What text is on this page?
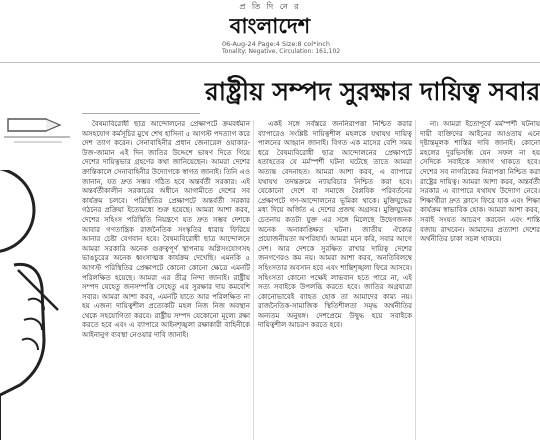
প্র তি দি নে র
বাংলাদেশ
06-Aug-24 Page:4 Size:8 col*inch
Tonality: Negative, Circulation: 161,102
রাষ্ট্রীয় সম্পদ সুরক্ষার দায়িত্ব সবার

বৈষম্যবিরোধী ছাত্র আন্দোলনের প্রেক্ষাপটে ক্রমবর্ধমান অসহযোগ কর্মসূচির মুখে শেখ হাসিনা ৫ আগস্ট পদত্যাগ করে দেশ ত্যাগ করেন। সেনাবাহিনীর প্রধান জেনারেল ওয়াকার-উজ-জামান এই দিন জাতির উদ্দেশে ভাষণ দিতে গিয়ে দেশের দায়িত্বভার গ্রহণের কথা জানিয়েছেন। আমরা দেশের ক্রান্তিকালে সেনাবাহিনীর উদ্যোগকে স্বাগত জানাই। তিনি এও জানান, যত দ্রুত সম্ভব গঠিত হবে অন্তর্বর্তী সরকার। এই অন্তর্বর্তীকালীন সরকারের অধীনে আগামীতে দেশের সব কার্যক্রম চলবে। পরিস্থিতির প্রেক্ষাপটে অন্তর্বর্তী সরকার গঠনের প্রক্রিয়া ইতোমধ্যে শুরু হয়েছে। আমরা আশা করব, দেশের সহিংস পরিস্থিতি নিয়ন্ত্রণে যত দ্রুত সম্ভব দেশকে আবার গণতান্ত্রিক রাজনৈতিক সংস্কৃতির ধারায় ফিরিয়ে আনার চেষ্টা বেগবান হবে। বৈষম্যবিরোধী ছাত্র আন্দোলনে আমরা সরকারি অনেক গুরুত্বপূর্ণ স্থাপনায় অগ্নিসংযোগসহ ভাঙচুরের অনেক ধ্বংসাত্মক কার্যক্রম দেখেছি। এমনকি ৫ আগস্ট পরিস্থিতির প্রেক্ষাপটে কোনো কোনো ক্ষেত্রে এমনটি পরিলক্ষিত হয়েছে। আমরা এর তীব্র নিন্দা জানাই। রাষ্ট্রীয় সম্পদ যেহেতু জনসম্পত্তি সেহেতু এর সুরক্ষার দায় কমবেশি সবার। আমরা আশা করব, এমনটি যাতে আর পরিলক্ষিত না হয় এজন্য দায়িত্বশীল প্রত্যেকটি মহল নিজ নিজ অবস্থান থেকে সহযোগিতা করবে। রাষ্ট্রীয় সম্পদ যেকোনো মূল্যে রক্ষা করতে হবে এবং এ ব্যাপারে আইনশৃঙ্খলা রক্ষাকারী বাহিনীকে আইনানুগ ব্যবস্থা নেওয়ার দাবি জানাই।

একই সঙ্গে সর্বস্তরে জননিরাপত্তা নিশ্চিত করার ব্যাপারেও সংশ্লিষ্ট দায়িত্বশীল মহলকে যথাযথ দায়িত্ব পালনের আহ্বান জানাই। বিগত এক মাসের বেশি সময় ধরে বৈষম্যবিরোধী ছাত্র আন্দোলনের প্রেক্ষাপটে হতাহতের যে মর্মস্পর্শী ঘটনা ঘটেছে তাতে আমরা অত্যন্ত বেদনাহত। আমরা আশা করব, এ ব্যাপারে যথাযথ তদন্তক্রমে ন্যায়বিচার নিশ্চিত করা হবে। যেকোনো দেশে বা সমাজে বৈপ্লবিক পরিবর্তনের প্রেক্ষাপটে গণ-আন্দোলনের ভূমিকা থাকে। মুক্তিযুদ্ধের মধ্য দিয়ে অর্জিত এ দেশের প্রজন্ম অগ্রসর। মুক্তিযুদ্ধের চেতনায় কতটা যুক্ত এর সঙ্গে মিলেছে উদ্বেগজনক অনেক অনাকাঙ্ক্ষিত ঘটনা। জাতীয় ঐক্যের প্রয়োজনীয়তা অপরিহার্য। আমরা মনে করি, সবার আগে দেশ। আর দেশকে সুরক্ষিত রাখার দায়িত্ব দেশের জনগণেরও কম নয়। আমরা আশা করব, অনতিবিলম্বে সহিংসতার অবসান হবে এবং শান্তিশৃঙ্খলা ফিরে আসবে। সহিংসতা কোনো পক্ষেই লাভবান হতে পারে না, এই সত্য সবাইকে উপলব্ধি করতে হবে। জাতির অগ্রযাত্রা কোনোভাবেই ব্যাহত হোক তা আমাদের কাম্য নয়। রাজনৈতিক-সামাজিক স্থিতিশীলতা সমৃদ্ধ অর্থনীতির অন্যতম অনুষঙ্গ। দেশপ্রেমে উদ্বুদ্ধ হয়ে সবাইকে দায়িত্বশীল আচরণ করতে হবে।

না। আমরা ইতোপূর্বে মর্মস্পর্শী ঘটনায় দায়ী ব্যক্তিদের আইনের আওতায় এনে দৃষ্টান্তমূলক শাস্তির দাবি জানাই। কোনো মহলের দুরভিসন্ধি যেন সফল না হয় সেদিকে সবাইকে সজাগ থাকতে হবে। দেশের সব নাগরিকের নিরাপত্তা নিশ্চিত করা রাষ্ট্রের দায়িত্ব। আমরা আশা করব, অন্তর্বর্তী সরকার এ ব্যাপারে যথাযথ উদ্যোগ নেবে। শিক্ষার্থীরা দ্রুত ক্লাসে ফিরে যাক এবং শিক্ষা কার্যক্রম স্বাভাবিক হোক। আমরা আশা করব, সবাই সংযত আচরণ করবেন এবং শান্তি বজায় রাখবেন। আমাদের প্রত্যাশা দেশের অর্থনীতির চাকা সচল থাকবে।
